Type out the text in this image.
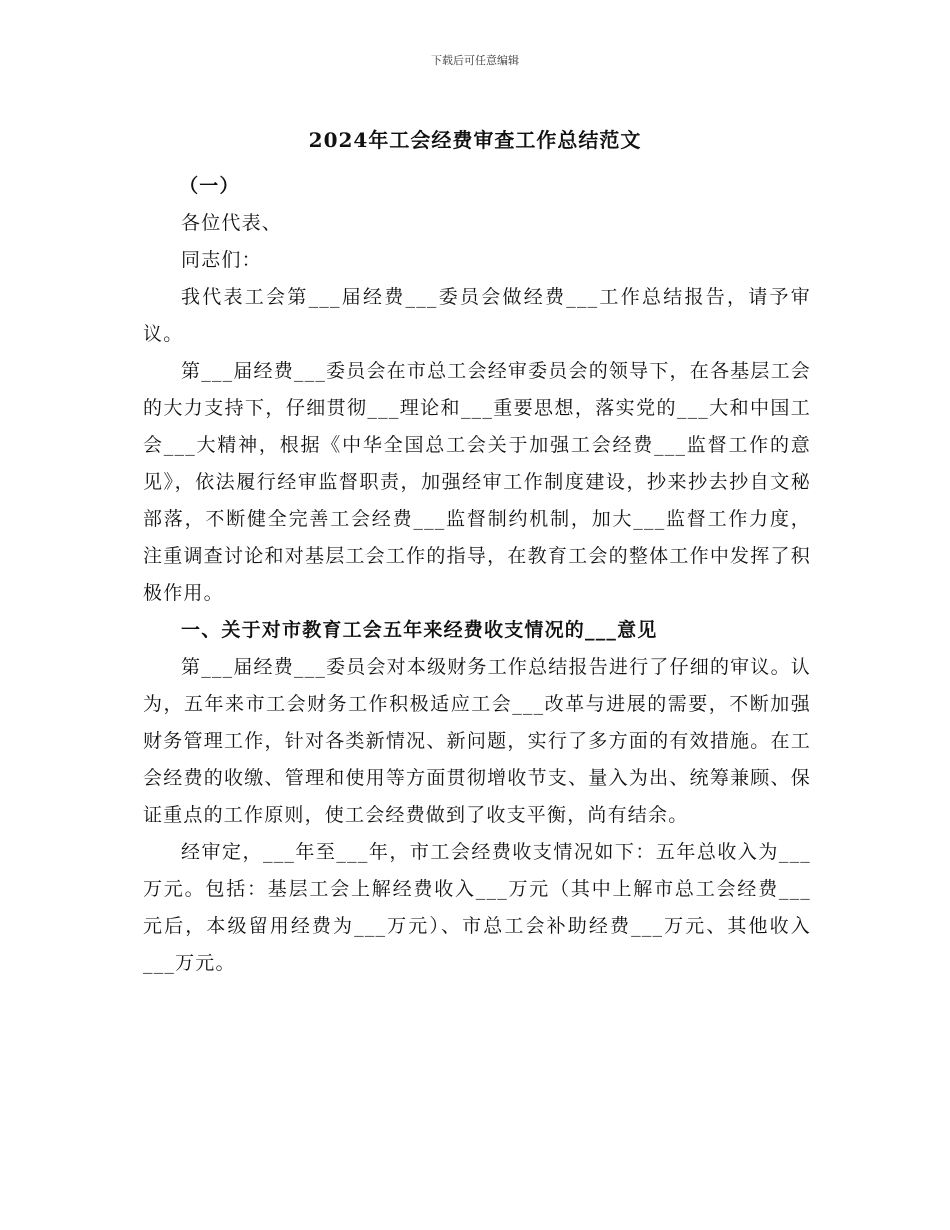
下载后可任意编辑
2024年工会经费审查工作总结范文

（一）

各位代表、

同志们：

我代表工会第___届经费___委员会做经费___工作总结报告，请予审议。

第___届经费___委员会在市总工会经审委员会的领导下，在各基层工会的大力支持下，仔细贯彻___理论和___重要思想，落实党的___大和中国工会___大精神，根据《中华全国总工会关于加强工会经费___监督工作的意见》，依法履行经审监督职责，加强经审工作制度建设，抄来抄去抄自文秘部落，不断健全完善工会经费___监督制约机制，加大___监督工作力度，注重调查讨论和对基层工会工作的指导，在教育工会的整体工作中发挥了积极作用。

一、关于对市教育工会五年来经费收支情况的___意见

第___届经费___委员会对本级财务工作总结报告进行了仔细的审议。认为，五年来市工会财务工作积极适应工会___改革与进展的需要，不断加强财务管理工作，针对各类新情况、新问题，实行了多方面的有效措施。在工会经费的收缴、管理和使用等方面贯彻增收节支、量入为出、统筹兼顾、保证重点的工作原则，使工会经费做到了收支平衡，尚有结余。

经审定，___年至___年，市工会经费收支情况如下：五年总收入为___万元。包括：基层工会上解经费收入___万元（其中上解市总工会经费___元后，本级留用经费为___万元）、市总工会补助经费___万元、其他收入___万元。
